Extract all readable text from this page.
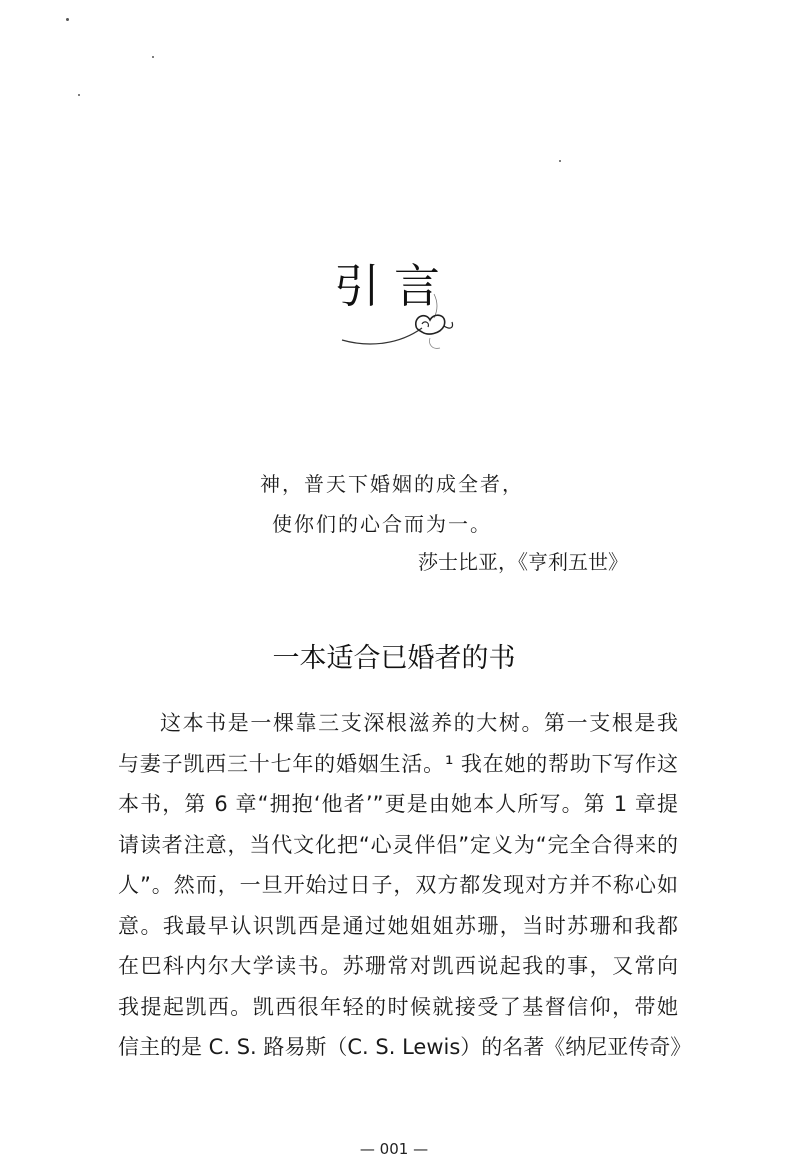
引言
神，普天下婚姻的成全者，
使你们的心合而为一。
莎士比亚，《亨利五世》
一本适合已婚者的书
这本书是一棵靠三支深根滋养的大树。第一支根是我
与妻子凯西三十七年的婚姻生活。¹ 我在她的帮助下写作这
本书，第 6 章“拥抱‘他者’”更是由她本人所写。第 1 章提
请读者注意，当代文化把“心灵伴侣”定义为“完全合得来的
人”。然而，一旦开始过日子，双方都发现对方并不称心如
意。我最早认识凯西是通过她姐姐苏珊，当时苏珊和我都
在巴科内尔大学读书。苏珊常对凯西说起我的事，又常向
我提起凯西。凯西很年轻的时候就接受了基督信仰，带她
信主的是 C. S. 路易斯（C. S. Lewis）的名著《纳尼亚传奇》
— 001 —
